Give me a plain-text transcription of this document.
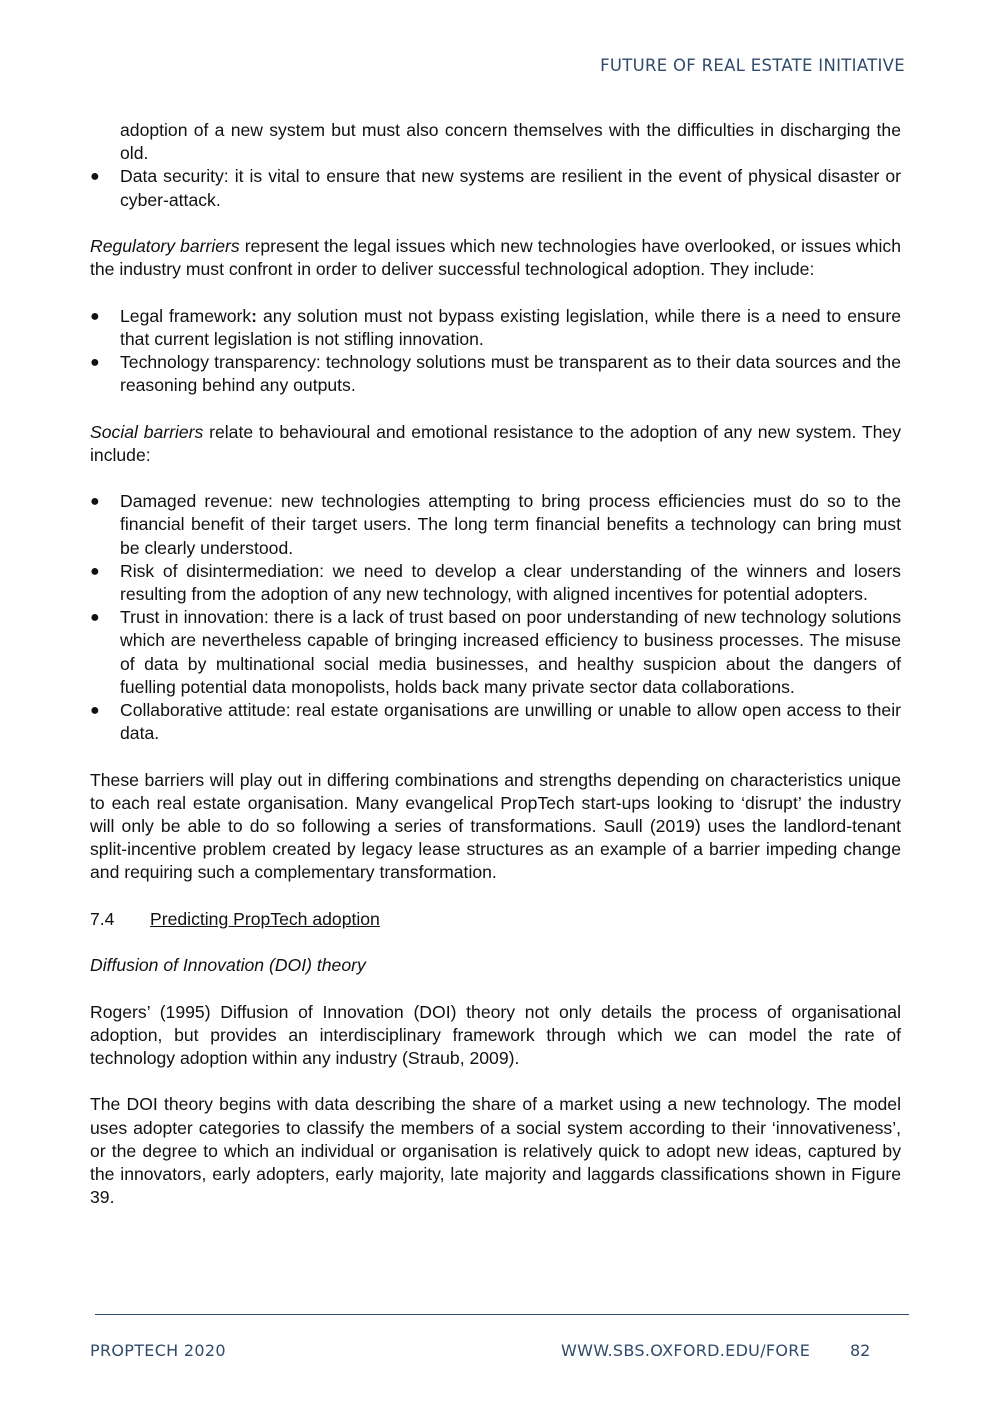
FUTURE OF REAL ESTATE INITIATIVE

adoption of a new system but must also concern themselves with the difficulties in discharging the old.

● Data security: it is vital to ensure that new systems are resilient in the event of physical disaster or cyber-attack.

Regulatory barriers represent the legal issues which new technologies have overlooked, or issues which the industry must confront in order to deliver successful technological adoption. They include:

● Legal framework: any solution must not bypass existing legislation, while there is a need to ensure that current legislation is not stifling innovation.
● Technology transparency: technology solutions must be transparent as to their data sources and the reasoning behind any outputs.

Social barriers relate to behavioural and emotional resistance to the adoption of any new system. They include:

● Damaged revenue: new technologies attempting to bring process efficiencies must do so to the financial benefit of their target users. The long term financial benefits a technology can bring must be clearly understood.
● Risk of disintermediation: we need to develop a clear understanding of the winners and losers resulting from the adoption of any new technology, with aligned incentives for potential adopters.
● Trust in innovation: there is a lack of trust based on poor understanding of new technology solutions which are nevertheless capable of bringing increased efficiency to business processes. The misuse of data by multinational social media businesses, and healthy suspicion about the dangers of fuelling potential data monopolists, holds back many private sector data collaborations.
● Collaborative attitude: real estate organisations are unwilling or unable to allow open access to their data.

These barriers will play out in differing combinations and strengths depending on characteristics unique to each real estate organisation. Many evangelical PropTech start-ups looking to ‘disrupt’ the industry will only be able to do so following a series of transformations. Saull (2019) uses the landlord-tenant split-incentive problem created by legacy lease structures as an example of a barrier impeding change and requiring such a complementary transformation.

7.4 Predicting PropTech adoption

Diffusion of Innovation (DOI) theory

Rogers’ (1995) Diffusion of Innovation (DOI) theory not only details the process of organisational adoption, but provides an interdisciplinary framework through which we can model the rate of technology adoption within any industry (Straub, 2009).

The DOI theory begins with data describing the share of a market using a new technology. The model uses adopter categories to classify the members of a social system according to their ‘innovativeness’, or the degree to which an individual or organisation is relatively quick to adopt new ideas, captured by the innovators, early adopters, early majority, late majority and laggards classifications shown in Figure 39.

PROPTECH 2020	WWW.SBS.OXFORD.EDU/FORE 82
